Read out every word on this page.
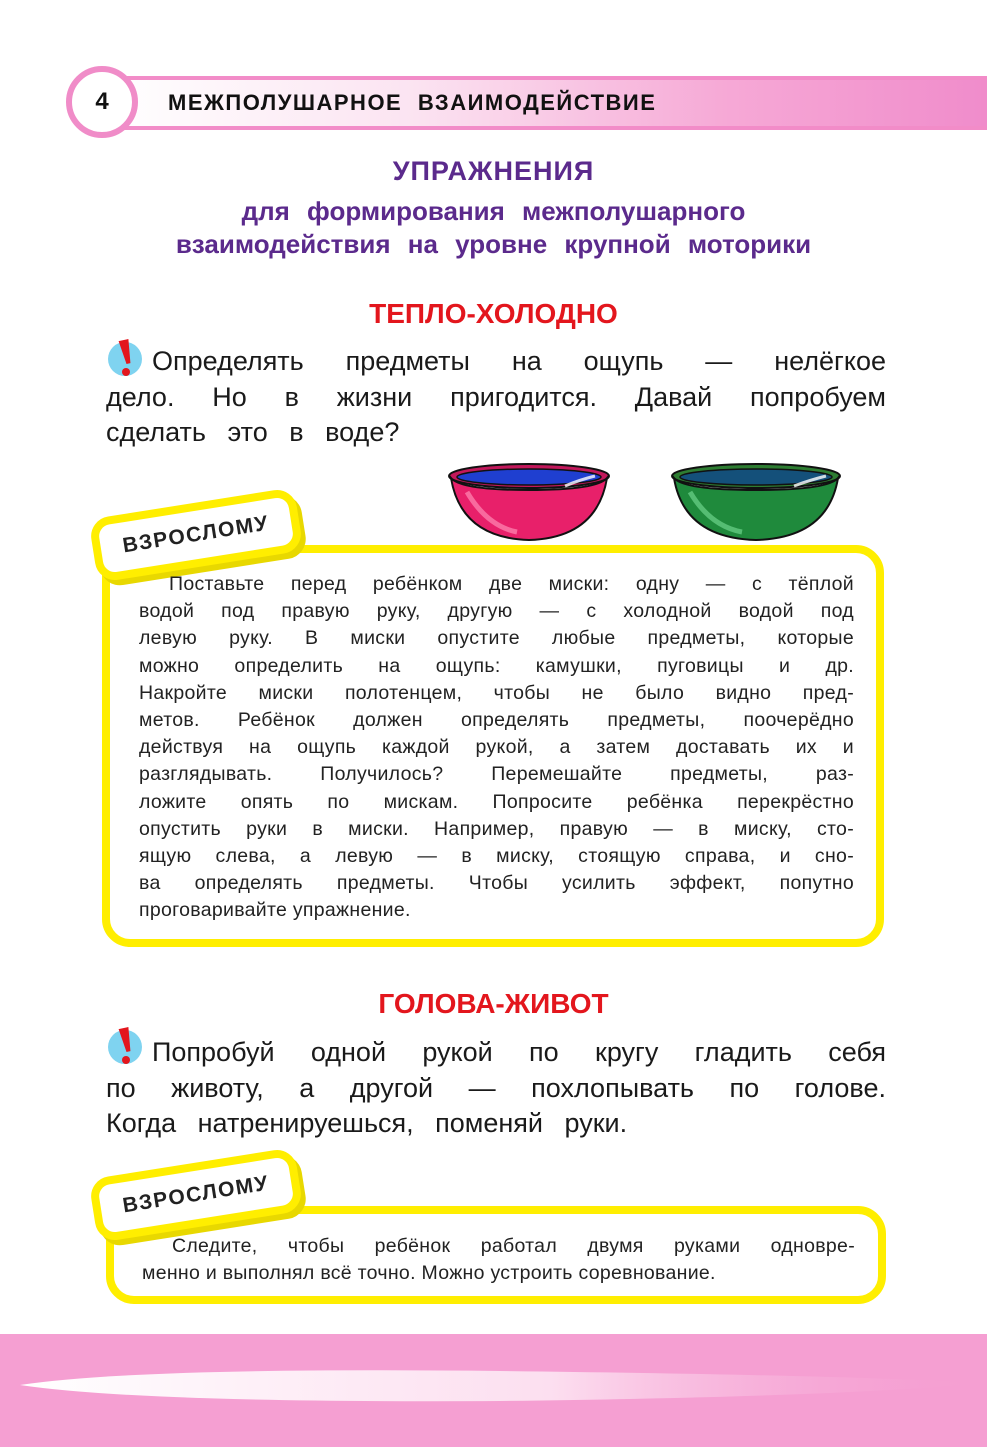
4	МЕЖПОЛУШАРНОЕ ВЗАИМОДЕЙСТВИЕ
УПРАЖНЕНИЯ
для формирования межполушарного
взаимодействия на уровне крупной моторики
ТЕПЛО-ХОЛОДНО
Определять предметы на ощупь — нелёгкое
дело. Но в жизни пригодится. Давай попробуем
сделать это в воде?
ВЗРОСЛОМУ
Поставьте перед ребёнком две миски: одну — с тёплой
водой под правую руку, другую — с холодной водой под
левую руку. В миски опустите любые предметы, которые
можно определить на ощупь: камушки, пуговицы и др.
Накройте миски полотенцем, чтобы не было видно пред-
метов. Ребёнок должен определять предметы, поочерёдно
действуя на ощупь каждой рукой, а затем доставать их и
разглядывать. Получилось? Перемешайте предметы, раз-
ложите опять по мискам. Попросите ребёнка перекрёстно
опустить руки в миски. Например, правую — в миску, сто-
ящую слева, а левую — в миску, стоящую справа, и сно-
ва определять предметы. Чтобы усилить эффект, попутно
проговаривайте упражнение.
ГОЛОВА-ЖИВОТ
Попробуй одной рукой по кругу гладить себя
по животу, а другой — похлопывать по голове.
Когда натренируешься, поменяй руки.
ВЗРОСЛОМУ
Следите, чтобы ребёнок работал двумя руками одновре-
менно и выполнял всё точно. Можно устроить соревнование.
